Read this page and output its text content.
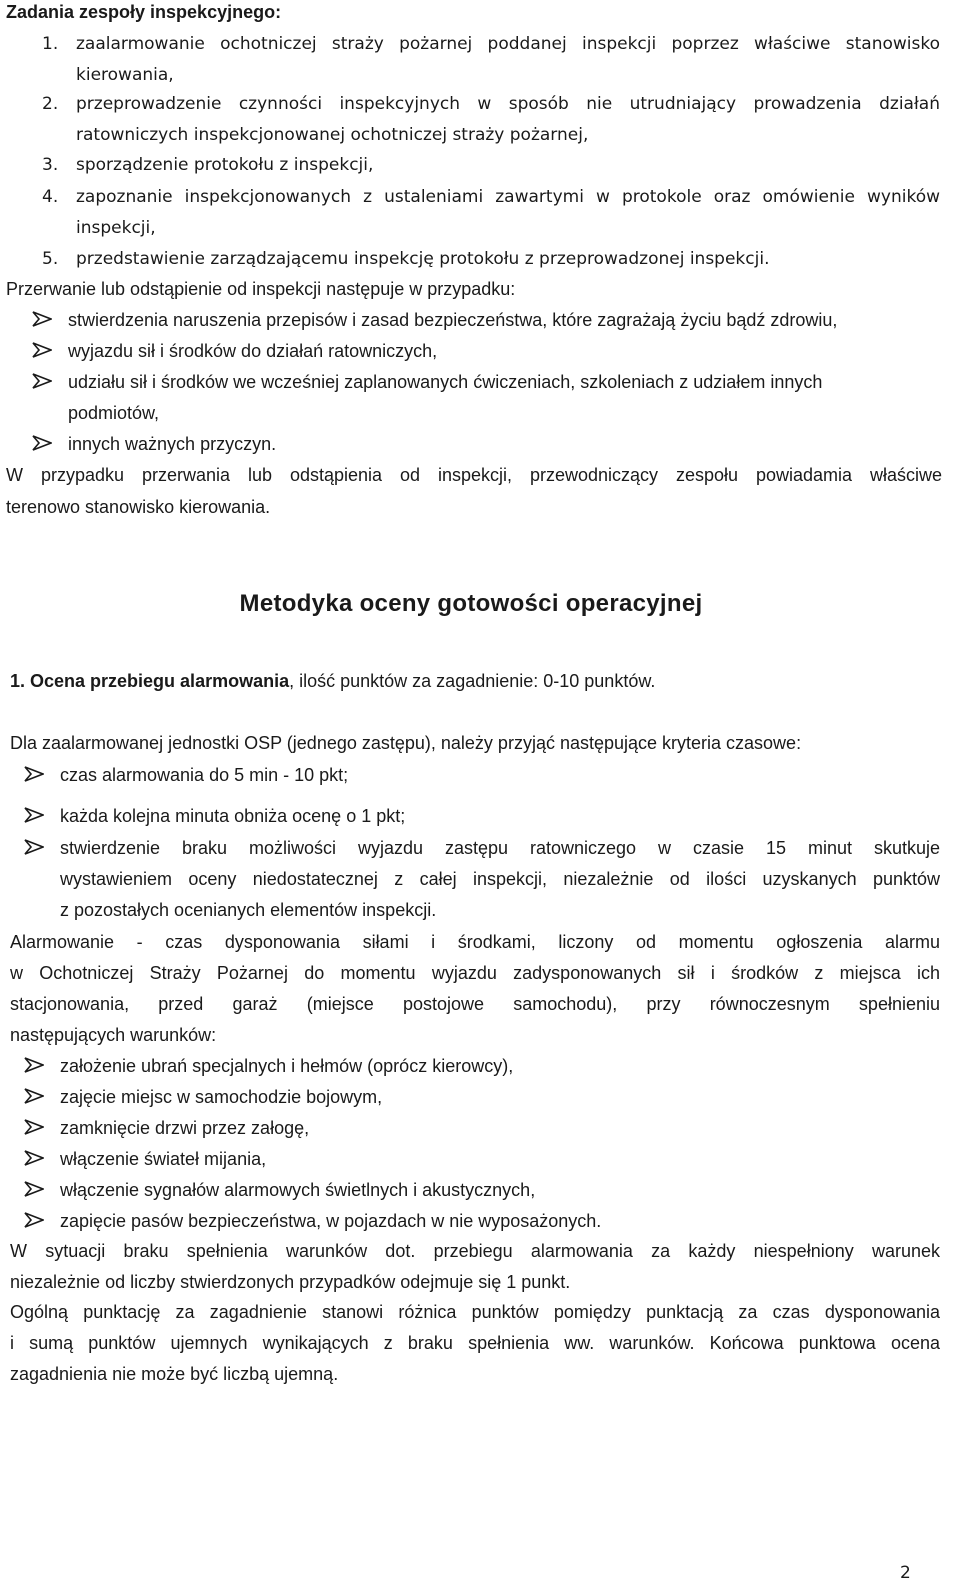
Zadania zespoły inspekcyjnego:
1. zaalarmowanie ochotniczej straży pożarnej poddanej inspekcji poprzez właściwe stanowisko
kierowania,
2. przeprowadzenie czynności inspekcyjnych w sposób nie utrudniający prowadzenia działań
ratowniczych inspekcjonowanej ochotniczej straży pożarnej,
3. sporządzenie protokołu z inspekcji,
4. zapoznanie inspekcjonowanych z ustaleniami zawartymi w protokole oraz omówienie wyników
inspekcji,
5. przedstawienie zarządzającemu inspekcję protokołu z przeprowadzonej inspekcji.
Przerwanie lub odstąpienie od inspekcji następuje w przypadku:
stwierdzenia naruszenia przepisów i zasad bezpieczeństwa, które zagrażają życiu bądź zdrowiu,
wyjazdu sił i środków do działań ratowniczych,
udziału sił i środków we wcześniej zaplanowanych ćwiczeniach, szkoleniach z udziałem innych
podmiotów,
innych ważnych przyczyn.
W przypadku przerwania lub odstąpienia od inspekcji, przewodniczący zespołu powiadamia właściwe
terenowo stanowisko kierowania.
Metodyka oceny gotowości operacyjnej
1. Ocena przebiegu alarmowania, ilość punktów za zagadnienie: 0-10 punktów.
Dla zaalarmowanej jednostki OSP (jednego zastępu), należy przyjąć następujące kryteria czasowe:
czas alarmowania do 5 min - 10 pkt;
każda kolejna minuta obniża ocenę o 1 pkt;
stwierdzenie braku możliwości wyjazdu zastępu ratowniczego w czasie 15 minut skutkuje
wystawieniem oceny niedostatecznej z całej inspekcji, niezależnie od ilości uzyskanych punktów
z pozostałych ocenianych elementów inspekcji.
Alarmowanie - czas dysponowania siłami i środkami, liczony od momentu ogłoszenia alarmu
w Ochotniczej Straży Pożarnej do momentu wyjazdu zadysponowanych sił i środków z miejsca ich
stacjonowania, przed garaż (miejsce postojowe samochodu), przy równoczesnym spełnieniu
następujących warunków:
założenie ubrań specjalnych i hełmów (oprócz kierowcy),
zajęcie miejsc w samochodzie bojowym,
zamknięcie drzwi przez załogę,
włączenie świateł mijania,
włączenie sygnałów alarmowych świetlnych i akustycznych,
zapięcie pasów bezpieczeństwa, w pojazdach w nie wyposażonych.
W sytuacji braku spełnienia warunków dot. przebiegu alarmowania za każdy niespełniony warunek
niezależnie od liczby stwierdzonych przypadków odejmuje się 1 punkt.
Ogólną punktację za zagadnienie stanowi różnica punktów pomiędzy punktacją za czas dysponowania
i sumą punktów ujemnych wynikających z braku spełnienia ww. warunków. Końcowa punktowa ocena
zagadnienia nie może być liczbą ujemną.
2
